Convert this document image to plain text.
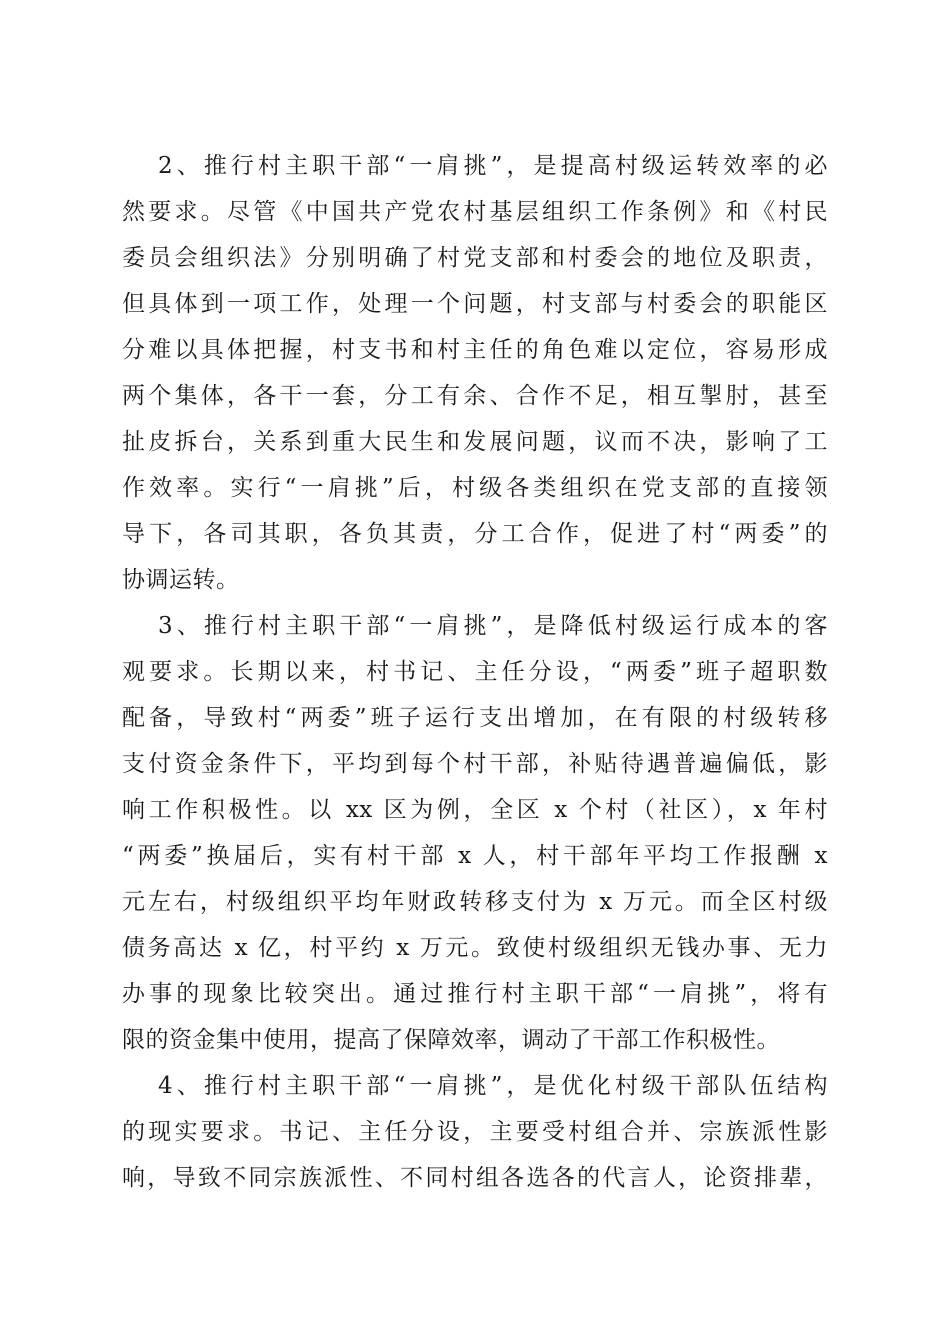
2、推行村主职干部“一肩挑”，是提高村级运转效率的必
然要求。尽管《中国共产党农村基层组织工作条例》和《村民
委员会组织法》分别明确了村党支部和村委会的地位及职责，
但具体到一项工作，处理一个问题，村支部与村委会的职能区
分难以具体把握，村支书和村主任的角色难以定位，容易形成
两个集体，各干一套，分工有余、合作不足，相互掣肘，甚至
扯皮拆台，关系到重大民生和发展问题，议而不决，影响了工
作效率。实行“一肩挑”后，村级各类组织在党支部的直接领
导下，各司其职，各负其责，分工合作，促进了村“两委”的
协调运转。
3、推行村主职干部“一肩挑”，是降低村级运行成本的客
观要求。长期以来，村书记、主任分设，“两委”班子超职数
配备，导致村“两委”班子运行支出增加，在有限的村级转移
支付资金条件下，平均到每个村干部，补贴待遇普遍偏低，影
响工作积极性。以 xx 区为例，全区 x 个村（社区），x 年村
“两委”换届后，实有村干部 x 人，村干部年平均工作报酬 x
元左右，村级组织平均年财政转移支付为 x 万元。而全区村级
债务高达 x 亿，村平约 x 万元。致使村级组织无钱办事、无力
办事的现象比较突出。通过推行村主职干部“一肩挑”，将有
限的资金集中使用，提高了保障效率，调动了干部工作积极性。
4、推行村主职干部“一肩挑”，是优化村级干部队伍结构
的现实要求。书记、主任分设，主要受村组合并、宗族派性影
响，导致不同宗族派性、不同村组各选各的代言人，论资排辈，
